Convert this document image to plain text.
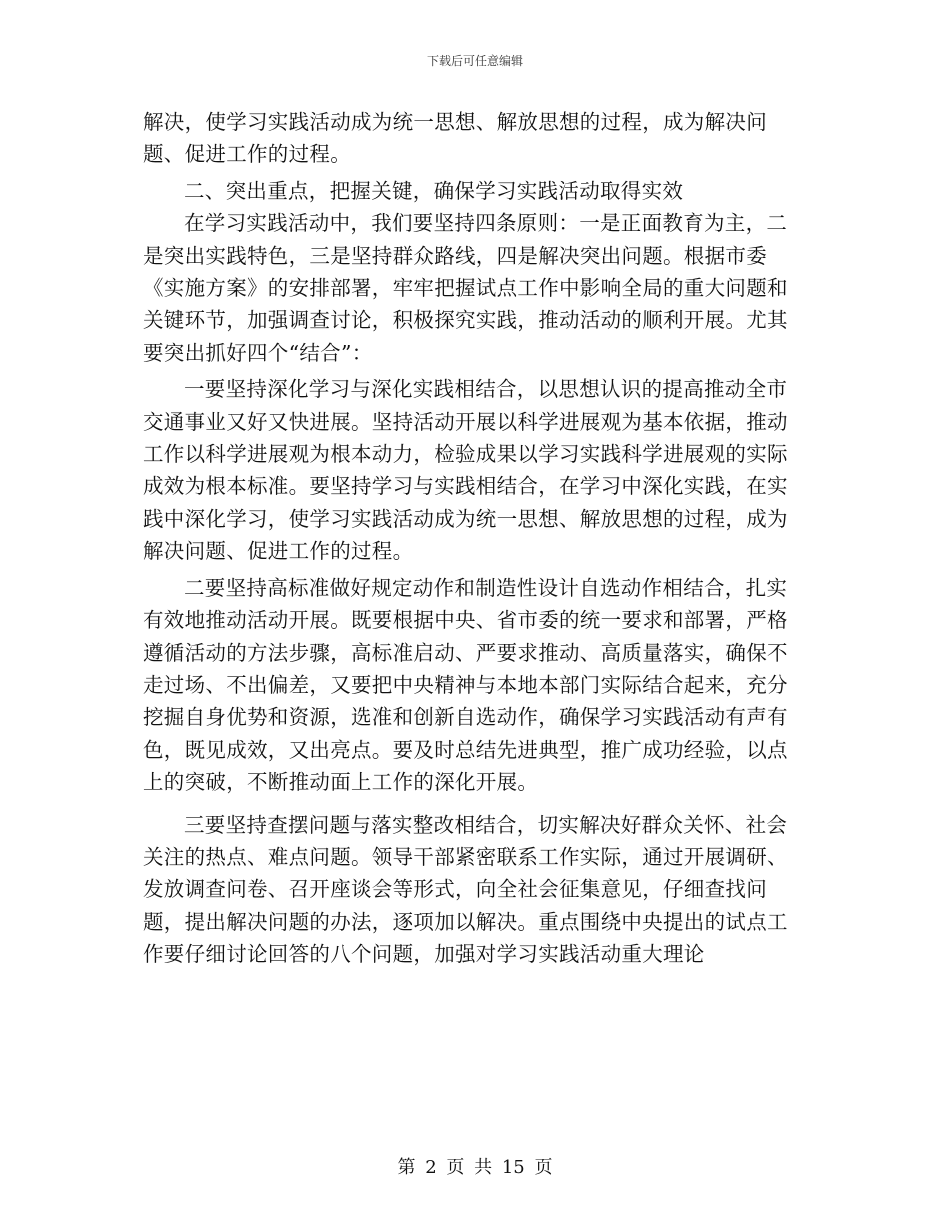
下载后可任意编辑

解决，使学习实践活动成为统一思想、解放思想的过程，成为解决问题、促进工作的过程。

二、突出重点，把握关键，确保学习实践活动取得实效

在学习实践活动中，我们要坚持四条原则：一是正面教育为主，二是突出实践特色，三是坚持群众路线，四是解决突出问题。根据市委《实施方案》的安排部署，牢牢把握试点工作中影响全局的重大问题和关键环节，加强调查讨论，积极探究实践，推动活动的顺利开展。尤其要突出抓好四个“结合”：

一要坚持深化学习与深化实践相结合，以思想认识的提高推动全市交通事业又好又快进展。坚持活动开展以科学进展观为基本依据，推动工作以科学进展观为根本动力，检验成果以学习实践科学进展观的实际成效为根本标准。要坚持学习与实践相结合，在学习中深化实践，在实践中深化学习，使学习实践活动成为统一思想、解放思想的过程，成为解决问题、促进工作的过程。

二要坚持高标准做好规定动作和制造性设计自选动作相结合，扎实有效地推动活动开展。既要根据中央、省市委的统一要求和部署，严格遵循活动的方法步骤，高标准启动、严要求推动、高质量落实，确保不走过场、不出偏差，又要把中央精神与本地本部门实际结合起来，充分挖掘自身优势和资源，选准和创新自选动作，确保学习实践活动有声有色，既见成效，又出亮点。要及时总结先进典型，推广成功经验，以点上的突破，不断推动面上工作的深化开展。

三要坚持查摆问题与落实整改相结合，切实解决好群众关怀、社会关注的热点、难点问题。领导干部紧密联系工作实际，通过开展调研、发放调查问卷、召开座谈会等形式，向全社会征集意见，仔细查找问题，提出解决问题的办法，逐项加以解决。重点围绕中央提出的试点工作要仔细讨论回答的八个问题，加强对学习实践活动重大理论

第 2 页 共 15 页
